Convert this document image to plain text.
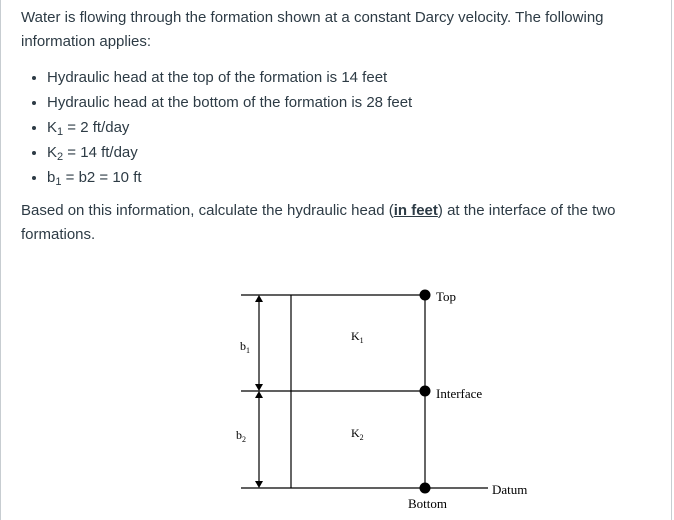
Water is flowing through the formation shown at a constant Darcy velocity. The following information applies:

• Hydraulic head at the top of the formation is 14 feet
• Hydraulic head at the bottom of the formation is 28 feet
• $K_1 = 2$ ft/day
• $K_2 = 14$ ft/day
• $b_1 = b2 = 10$ ft

Based on this information, calculate the hydraulic head (in feet) at the interface of the two formations.

Top
Interface
Bottom
Datum
$K_1$
$K_2$
$b_1$
$b_2$
